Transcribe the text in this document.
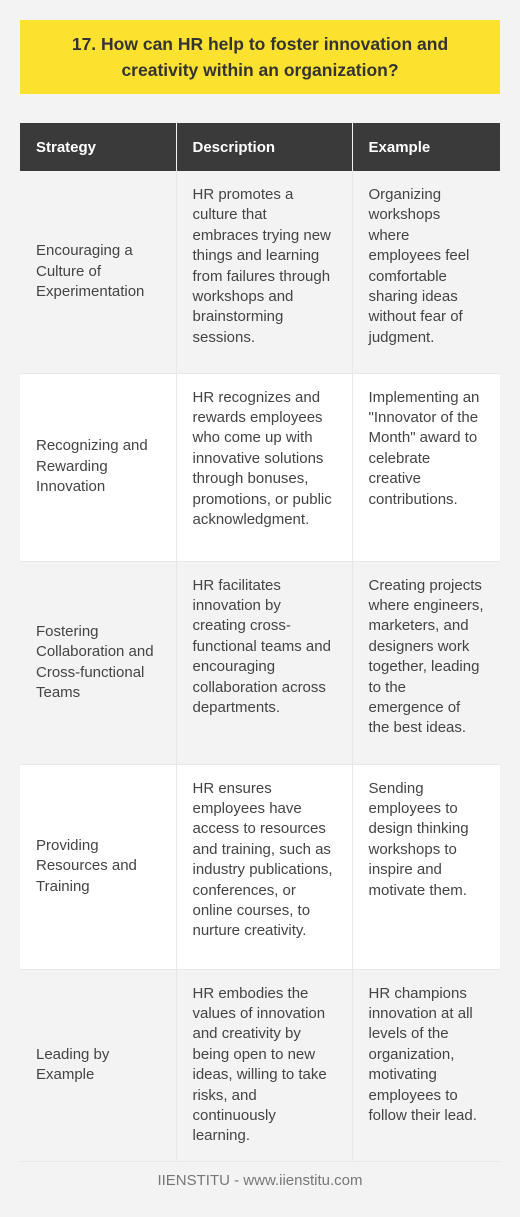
17. How can HR help to foster innovation and creativity within an organization?
Strategy	Description	Example
Encouraging a Culture of Experimentation	HR promotes a culture that embraces trying new things and learning from failures through workshops and brainstorming sessions.	Organizing workshops where employees feel comfortable sharing ideas without fear of judgment.
Recognizing and Rewarding Innovation	HR recognizes and rewards employees who come up with innovative solutions through bonuses, promotions, or public acknowledgment.	Implementing an "Innovator of the Month" award to celebrate creative contributions.
Fostering Collaboration and Cross-functional Teams	HR facilitates innovation by creating cross-functional teams and encouraging collaboration across departments.	Creating projects where engineers, marketers, and designers work together, leading to the emergence of the best ideas.
Providing Resources and Training	HR ensures employees have access to resources and training, such as industry publications, conferences, or online courses, to nurture creativity.	Sending employees to design thinking workshops to inspire and motivate them.
Leading by Example	HR embodies the values of innovation and creativity by being open to new ideas, willing to take risks, and continuously learning.	HR champions innovation at all levels of the organization, motivating employees to follow their lead.
IIENSTITU - www.iienstitu.com
